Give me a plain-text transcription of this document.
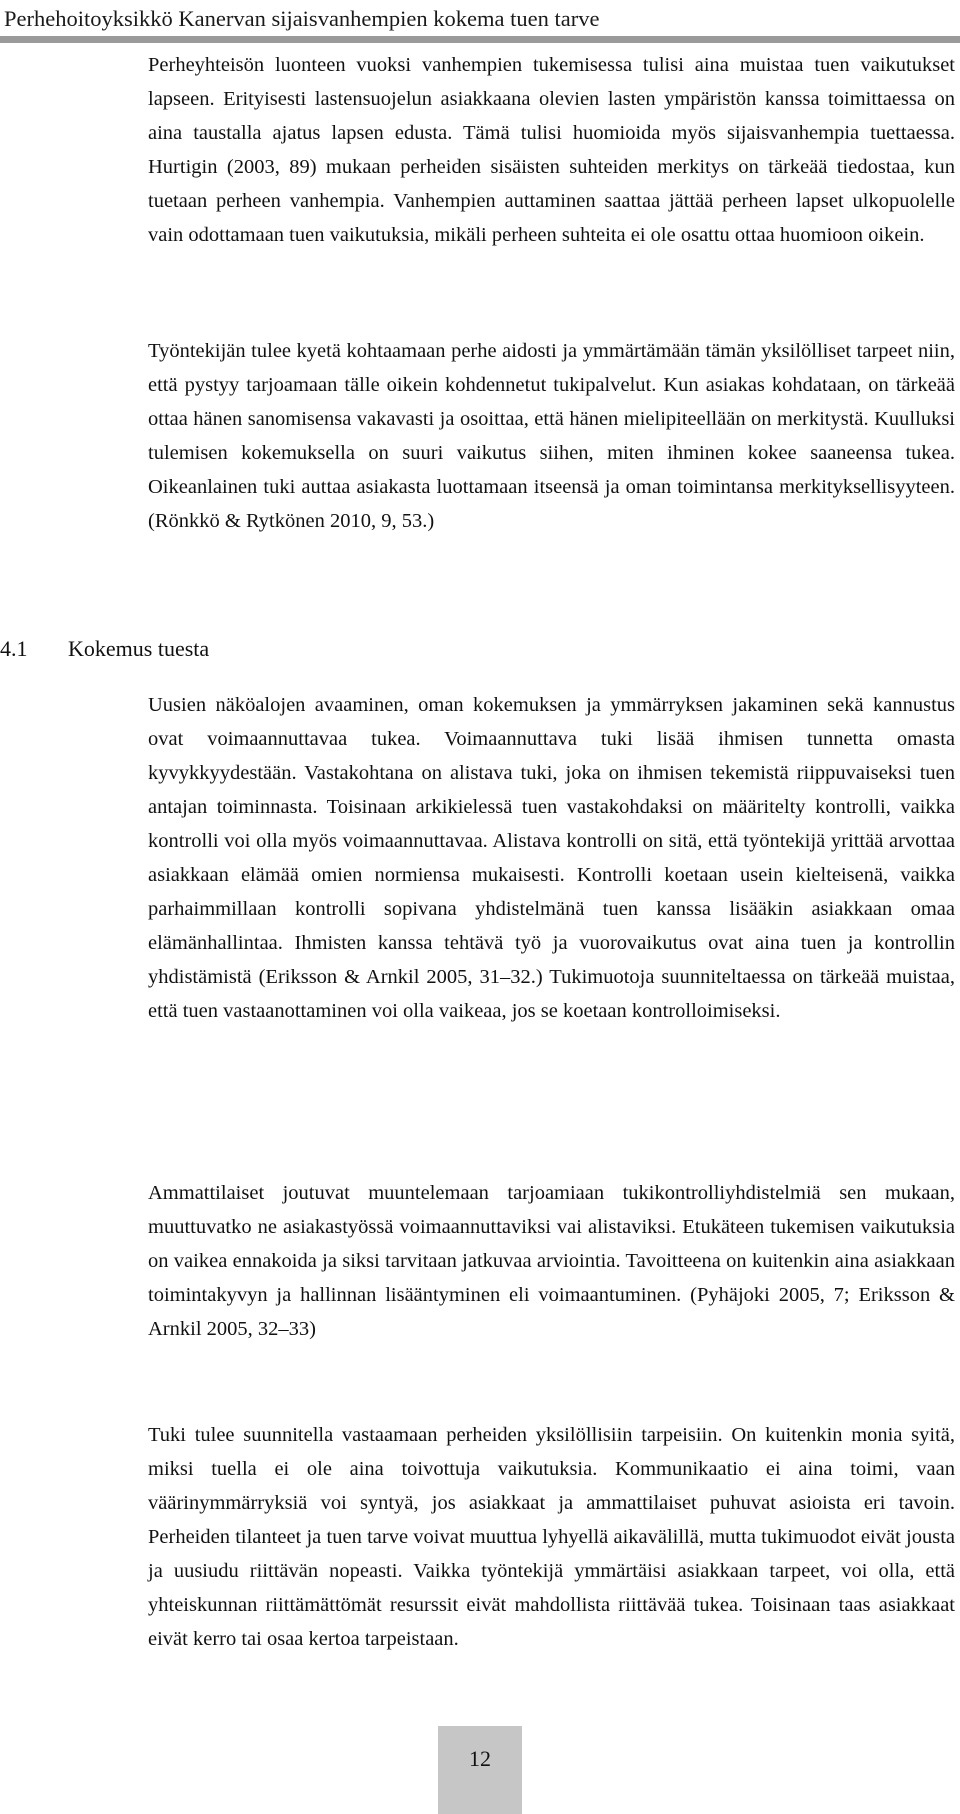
Perhehoitoyksikkö Kanervan sijaisvanhempien kokema tuen tarve

Perheyhteisön luonteen vuoksi vanhempien tukemisessa tulisi aina muistaa tuen vaikutukset lapseen. Erityisesti lastensuojelun asiakkaana olevien lasten ympäristön kanssa toimittaessa on aina taustalla ajatus lapsen edusta. Tämä tulisi huomioida myös sijaisvanhempia tuettaessa. Hurtigin (2003, 89) mukaan perheiden sisäisten suhteiden merkitys on tärkeää tiedostaa, kun tuetaan perheen vanhempia. Vanhempien auttaminen saattaa jättää perheen lapset ulkopuolelle vain odottamaan tuen vaikutuksia, mikäli perheen suhteita ei ole osattu ottaa huomioon oikein.

Työntekijän tulee kyetä kohtaamaan perhe aidosti ja ymmärtämään tämän yksilölliset tarpeet niin, että pystyy tarjoamaan tälle oikein kohdennetut tukipalvelut. Kun asiakas kohdataan, on tärkeää ottaa hänen sanomisensa vakavasti ja osoittaa, että hänen mielipiteellään on merkitystä. Kuulluksi tulemisen kokemuksella on suuri vaikutus siihen, miten ihminen kokee saaneensa tukea. Oikeanlainen tuki auttaa asiakasta luottamaan itseensä ja oman toimintansa merkityksellisyyteen. (Rönkkö & Rytkönen 2010, 9, 53.)

4.1 Kokemus tuesta

Uusien näköalojen avaaminen, oman kokemuksen ja ymmärryksen jakaminen sekä kannustus ovat voimaannuttavaa tukea. Voimaannuttava tuki lisää ihmisen tunnetta omasta kyvykkyydestään. Vastakohtana on alistava tuki, joka on ihmisen tekemistä riippuvaiseksi tuen antajan toiminnasta. Toisinaan arkikielessä tuen vastakohdaksi on määritelty kontrolli, vaikka kontrolli voi olla myös voimaannuttavaa. Alistava kontrolli on sitä, että työntekijä yrittää arvottaa asiakkaan elämää omien normiensa mukaisesti. Kontrolli koetaan usein kielteisenä, vaikka parhaimmillaan kontrolli sopivana yhdistelmänä tuen kanssa lisääkin asiakkaan omaa elämänhallintaa. Ihmisten kanssa tehtävä työ ja vuorovaikutus ovat aina tuen ja kontrollin yhdistämistä (Eriksson & Arnkil 2005, 31–32.) Tukimuotoja suunniteltaessa on tärkeää muistaa, että tuen vastaanottaminen voi olla vaikeaa, jos se koetaan kontrolloimiseksi.

Ammattilaiset joutuvat muuntelemaan tarjoamiaan tukikontrolliyhdistelmiä sen mukaan, muuttuvatko ne asiakastyössä voimaannuttaviksi vai alistaviksi. Etukäteen tukemisen vaikutuksia on vaikea ennakoida ja siksi tarvitaan jatkuvaa arviointia. Tavoitteena on kuitenkin aina asiakkaan toimintakyvyn ja hallinnan lisääntyminen eli voimaantuminen. (Pyhäjoki 2005, 7; Eriksson & Arnkil 2005, 32–33)

Tuki tulee suunnitella vastaamaan perheiden yksilöllisiin tarpeisiin. On kuitenkin monia syitä, miksi tuella ei ole aina toivottuja vaikutuksia. Kommunikaatio ei aina toimi, vaan väärinymmärryksiä voi syntyä, jos asiakkaat ja ammattilaiset puhuvat asioista eri tavoin. Perheiden tilanteet ja tuen tarve voivat muuttua lyhyellä aikavälillä, mutta tukimuodot eivät jousta ja uusiudu riittävän nopeasti. Vaikka työntekijä ymmärtäisi asiakkaan tarpeet, voi olla, että yhteiskunnan riittämättömät resurssit eivät mahdollista riittävää tukea. Toisinaan taas asiakkaat eivät kerro tai osaa kertoa tarpeistaan.

12
